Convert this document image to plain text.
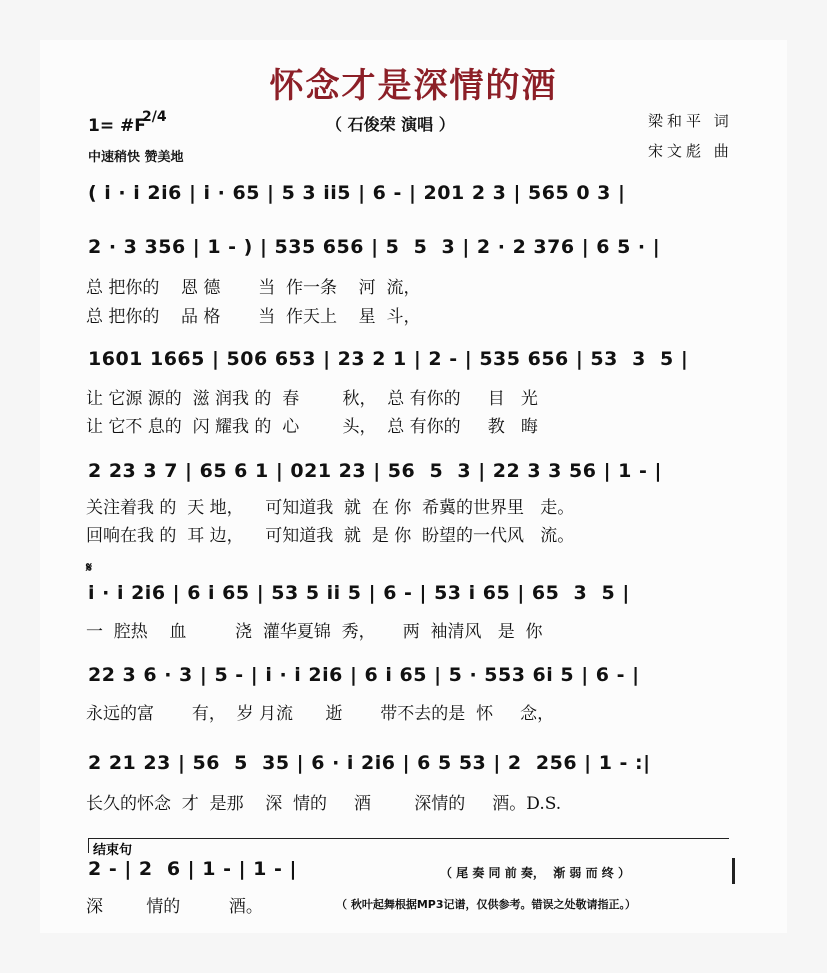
怀念才是深情的酒
1= #F
2/4
中速稍快 赞美地
（ 石俊荣 演唱 ）	梁和平 词
宋文彪 曲
( i · i 2i6 | i · 65 | 5 3 ii5 | 6 - | 201 2 3 | 565 0 3 |
2 · 3 356 | 1 - ) | 535 656 | 5  5  3 | 2 · 2 376 | 6 5 · |
总 把你的    恩 德       当  作一条    河  流，
总 把你的    品 格       当  作天上    星  斗，
1601 1665 | 506 653 | 23 2 1 | 2 - | 535 656 | 53  3  5 |
让 它源 源的  滋 润我 的  春        秋，  总 有你的     目   光
让 它不 息的  闪 耀我 的  心        头，  总 有你的     教   晦
2 23 3 7 | 65 6 1 | 021 23 | 56  5  3 | 22 3 3 56 | 1 - |
关注着我 的  天 地，    可知道我  就  在 你  希冀的世界里   走。
回响在我 的  耳 边，    可知道我  就  是 你  盼望的一代风   流。
i · i 2i6 | 6 i 65 | 53 5 ii 5 | 6 - | 53 i 65 | 65  3  5 |
一  腔热    血         浇  灌华夏锦  秀，     两  袖清风   是  你
𝄋
22 3 6 · 3 | 5 - | i · i 2i6 | 6 i 65 | 5 · 553 6i 5 | 6 - |
永远的富       有，  岁 月流      逝       带不去的是  怀     念，
2 21 23 | 56  5  35 | 6 · i 2i6 | 6 5 53 | 2  256 | 1 - :|
长久的怀念  才  是那    深  情的     酒        深情的     酒。D.S.
结束句
2 - | 2  6 | 1 - | 1 - |	（ 尾 奏 同 前 奏，  渐 弱 而 终 ）
深        情的         酒。	（ 秋叶起舞根据MP3记谱，仅供参考。错误之处敬请指正。）
